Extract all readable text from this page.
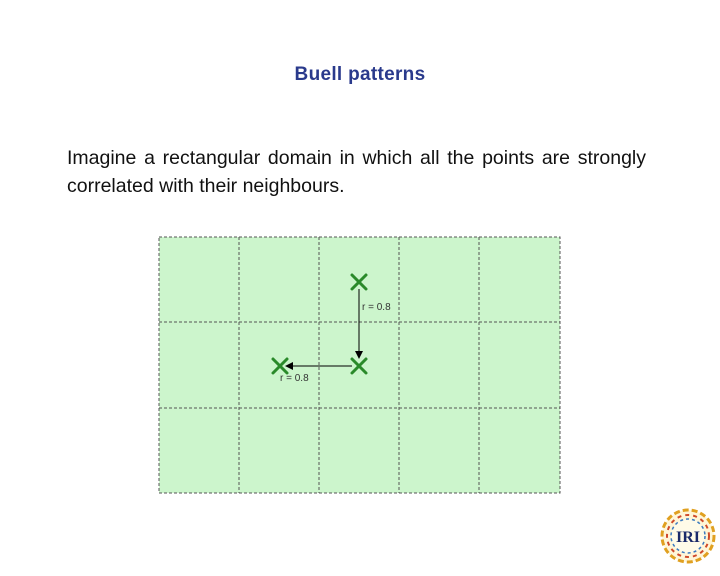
Buell patterns
Imagine a rectangular domain in which all the points are strongly correlated with their neighbours.
r = 0.8
r = 0.8
IRI
